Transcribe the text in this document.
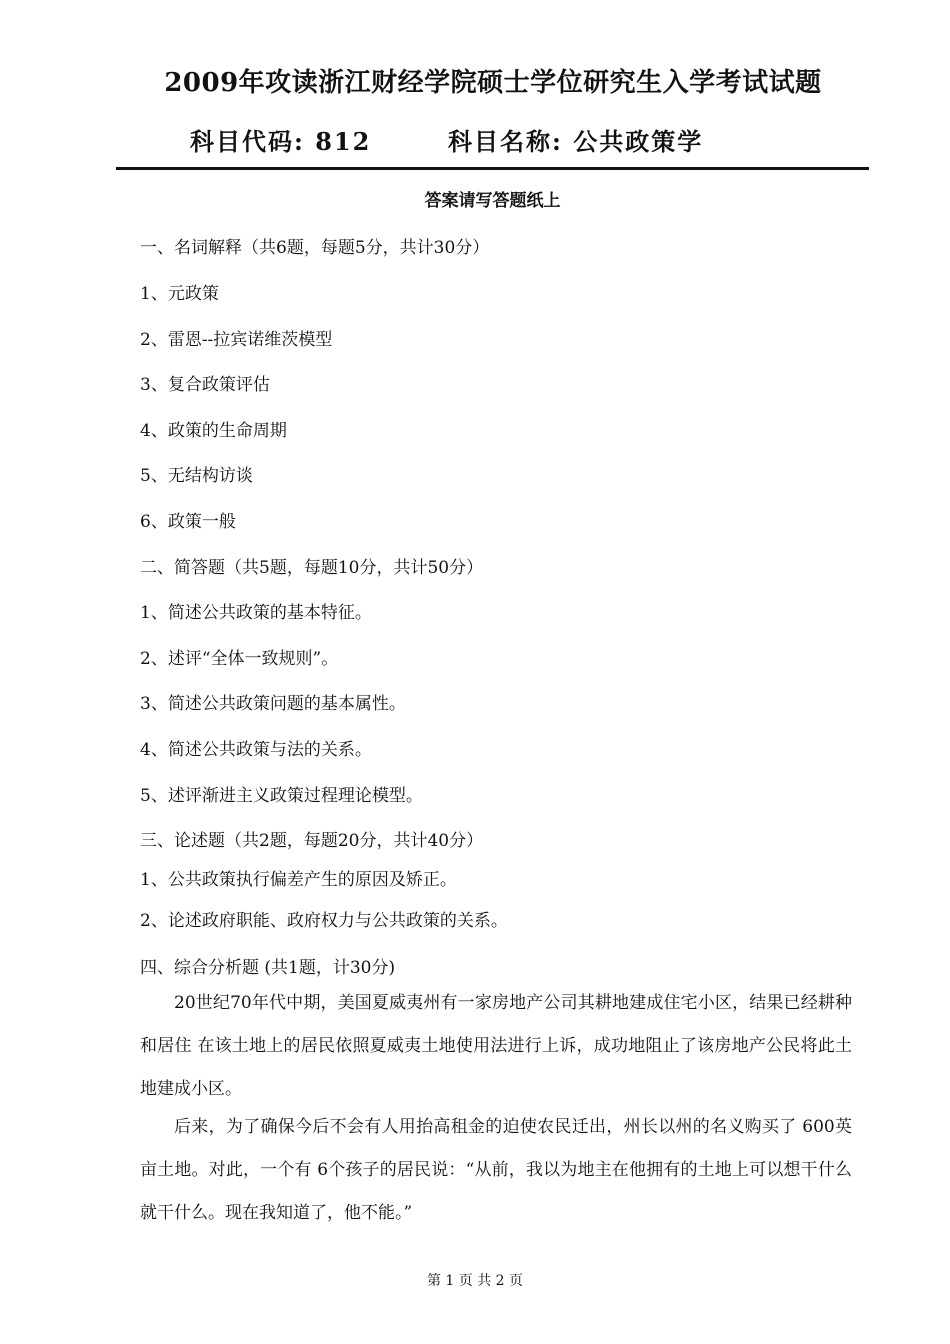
2009年攻读浙江财经学院硕士学位研究生入学考试试题
科目代码: 812	科目名称: 公共政策学
答案请写答题纸上
一、名词解释（共6题，每题5分，共计30分）
1、元政策
2、雷恩--拉宾诺维茨模型
3、复合政策评估
4、政策的生命周期
5、无结构访谈
6、政策一般
二、简答题（共5题，每题10分，共计50分）
1、简述公共政策的基本特征。
2、述评“全体一致规则”。
3、简述公共政策问题的基本属性。
4、简述公共政策与法的关系。
5、述评渐进主义政策过程理论模型。
三、论述题（共2题，每题20分，共计40分）
1、公共政策执行偏差产生的原因及矫正。
2、论述政府职能、政府权力与公共政策的关系。
四、综合分析题 (共1题，计30分)
20世纪70年代中期，美国夏威夷州有一家房地产公司其耕地建成住宅小区，结果已经耕种和居住 在该土地上的居民依照夏威夷土地使用法进行上诉，成功地阻止了该房地产公民将此土地建成小区。
后来，为了确保今后不会有人用抬高租金的迫使农民迁出，州长以州的名义购买了 600英亩土地。对此，一个有 6个孩子的居民说：“从前，我以为地主在他拥有的土地上可以想干什么就干什么。现在我知道了，他不能。”
第 1 页 共 2 页
